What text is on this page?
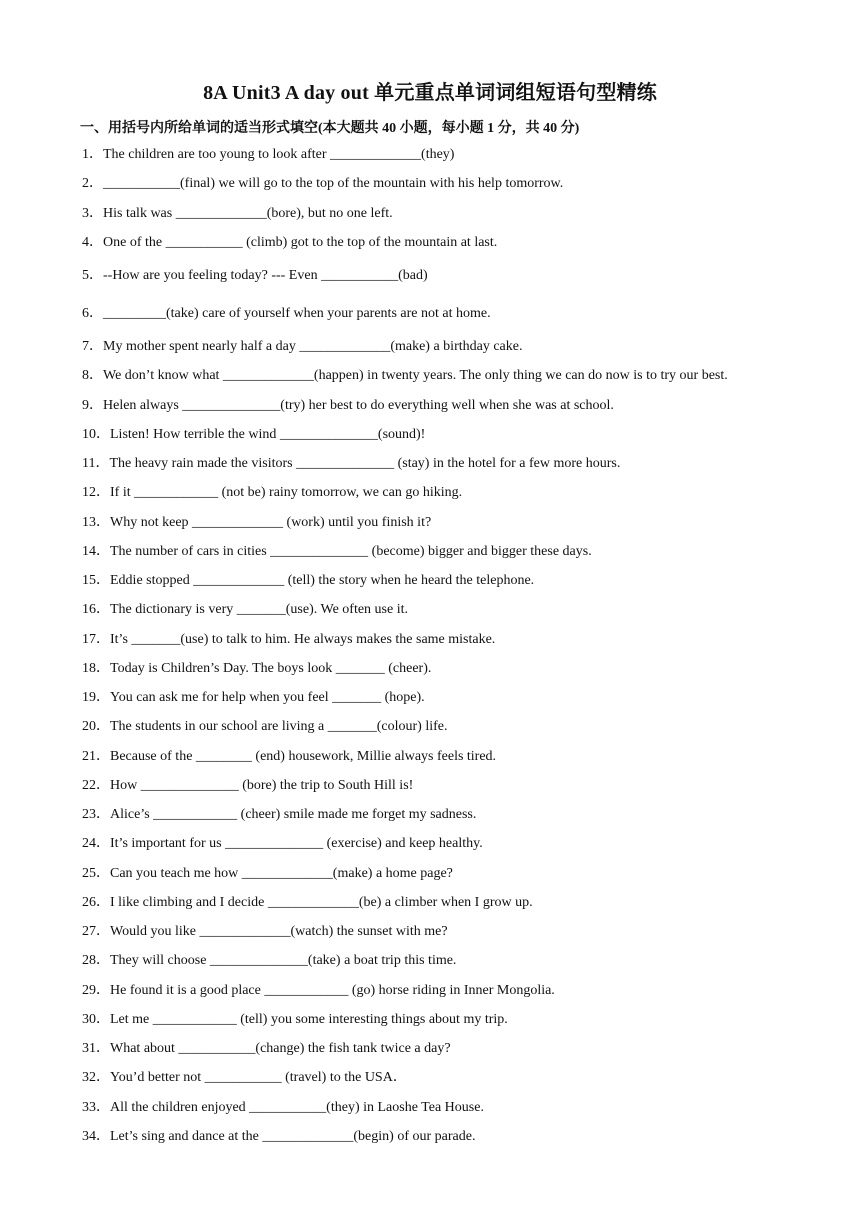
8A Unit3 A day out 单元重点单词词组短语句型精练
一、用括号内所给单词的适当形式填空(本大题共 40 小题，每小题 1 分，共 40 分)
1．The children are too young to look after _____________(they)
2．___________(final) we will go to the top of the mountain with his help tomorrow.
3．His talk was _____________(bore), but no one left.
4．One of the ___________ (climb) got to the top of the mountain at last.
5．--How are you feeling today? --- Even ___________(bad)
6．_________(take) care of yourself when your parents are not at home.
7．My mother spent nearly half a day _____________(make) a birthday cake.
8．We don’t know what _____________(happen) in twenty years. The only thing we can do now is to try our best.
9．Helen always ______________(try) her best to do everything well when she was at school.
10．Listen! How terrible the wind ______________(sound)!
11．The heavy rain made the visitors ______________ (stay) in the hotel for a few more hours.
12．If it ____________ (not be) rainy tomorrow, we can go hiking.
13．Why not keep _____________ (work) until you finish it?
14．The number of cars in cities ______________ (become) bigger and bigger these days.
15．Eddie stopped _____________ (tell) the story when he heard the telephone.
16．The dictionary is very _______(use). We often use it.
17．It’s _______(use) to talk to him. He always makes the same mistake.
18．Today is Children’s Day. The boys look _______ (cheer).
19．You can ask me for help when you feel _______ (hope).
20．The students in our school are living a _______(colour) life.
21．Because of the ________ (end) housework, Millie always feels tired.
22．How ______________ (bore) the trip to South Hill is!
23．Alice’s ____________ (cheer) smile made me forget my sadness.
24．It’s important for us ______________ (exercise) and keep healthy.
25．Can you teach me how _____________(make) a home page?
26．I like climbing and I decide _____________(be) a climber when I grow up.
27．Would you like _____________(watch) the sunset with me?
28．They will choose ______________(take) a boat trip this time.
29．He found it is a good place ____________ (go) horse riding in Inner Mongolia.
30．Let me ____________ (tell) you some interesting things about my trip.
31．What about ___________(change) the fish tank twice a day?
32．You’d better not ___________ (travel) to the USA．
33．All the children enjoyed ___________(they) in Laoshe Tea House.
34．Let’s sing and dance at the _____________(begin) of our parade.
